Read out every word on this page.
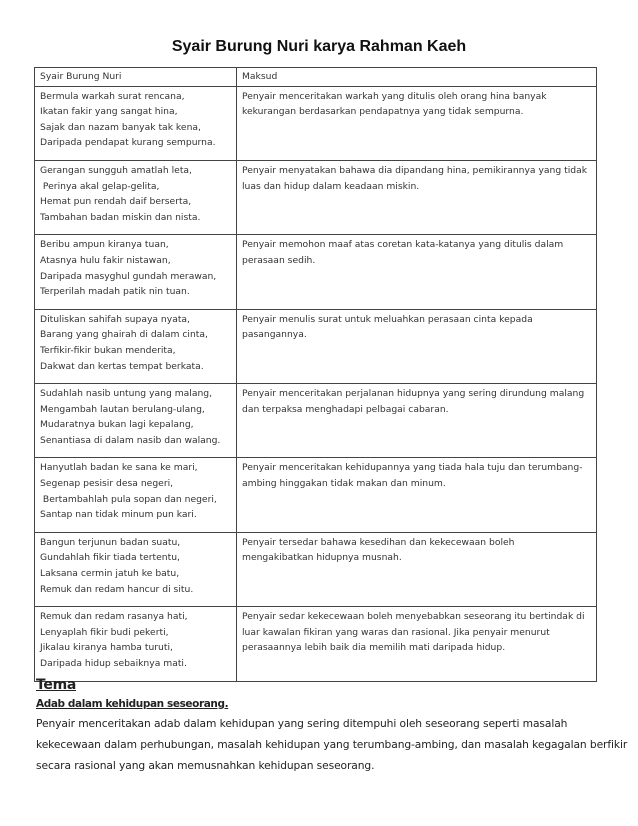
Syair Burung Nuri karya Rahman Kaeh
Syair Burung Nuri	Maksud

Bermula warkah surat rencana,
Ikatan fakir yang sangat hina,
Sajak dan nazam banyak tak kena,
Daripada pendapat kurang sempurna.	Penyair menceritakan warkah yang ditulis oleh orang hina banyak
kekurangan berdasarkan pendapatnya yang tidak sempurna.

Gerangan sungguh amatlah leta,
Perinya akal gelap-gelita,
Hemat pun rendah daif berserta,
Tambahan badan miskin dan nista.	Penyair menyatakan bahawa dia dipandang hina, pemikirannya yang tidak
luas dan hidup dalam keadaan miskin.

Beribu ampun kiranya tuan,
Atasnya hulu fakir nistawan,
Daripada masyghul gundah merawan,
Terperilah madah patik nin tuan.	Penyair memohon maaf atas coretan kata-katanya yang ditulis dalam
perasaan sedih.

Dituliskan sahifah supaya nyata,
Barang yang ghairah di dalam cinta,
Terfikir-fikir bukan menderita,
Dakwat dan kertas tempat berkata.	Penyair menulis surat untuk meluahkan perasaan cinta kepada
pasangannya.

Sudahlah nasib untung yang malang,
Mengambah lautan berulang-ulang,
Mudaratnya bukan lagi kepalang,
Senantiasa di dalam nasib dan walang.	Penyair menceritakan perjalanan hidupnya yang sering dirundung malang
dan terpaksa menghadapi pelbagai cabaran.

Hanyutlah badan ke sana ke mari,
Segenap pesisir desa negeri,
Bertambahlah pula sopan dan negeri,
Santap nan tidak minum pun kari.	Penyair menceritakan kehidupannya yang tiada hala tuju dan terumbang-
ambing hinggakan tidak makan dan minum.

Bangun terjunun badan suatu,
Gundahlah fikir tiada tertentu,
Laksana cermin jatuh ke batu,
Remuk dan redam hancur di situ.	Penyair tersedar bahawa kesedihan dan kekecewaan boleh
mengakibatkan hidupnya musnah.

Remuk dan redam rasanya hati,
Lenyaplah fikir budi pekerti,
Jikalau kiranya hamba turuti,
Daripada hidup sebaiknya mati.	Penyair sedar kekecewaan boleh menyebabkan seseorang itu bertindak di
luar kawalan fikiran yang waras dan rasional. Jika penyair menurut
perasaannya lebih baik dia memilih mati daripada hidup.
Tema
Adab dalam kehidupan seseorang.

Penyair menceritakan adab dalam kehidupan yang sering ditempuhi oleh seseorang seperti masalah
kekecewaan dalam perhubungan, masalah kehidupan yang terumbang-ambing, dan masalah kegagalan berfikir
secara rasional yang akan memusnahkan kehidupan seseorang.
